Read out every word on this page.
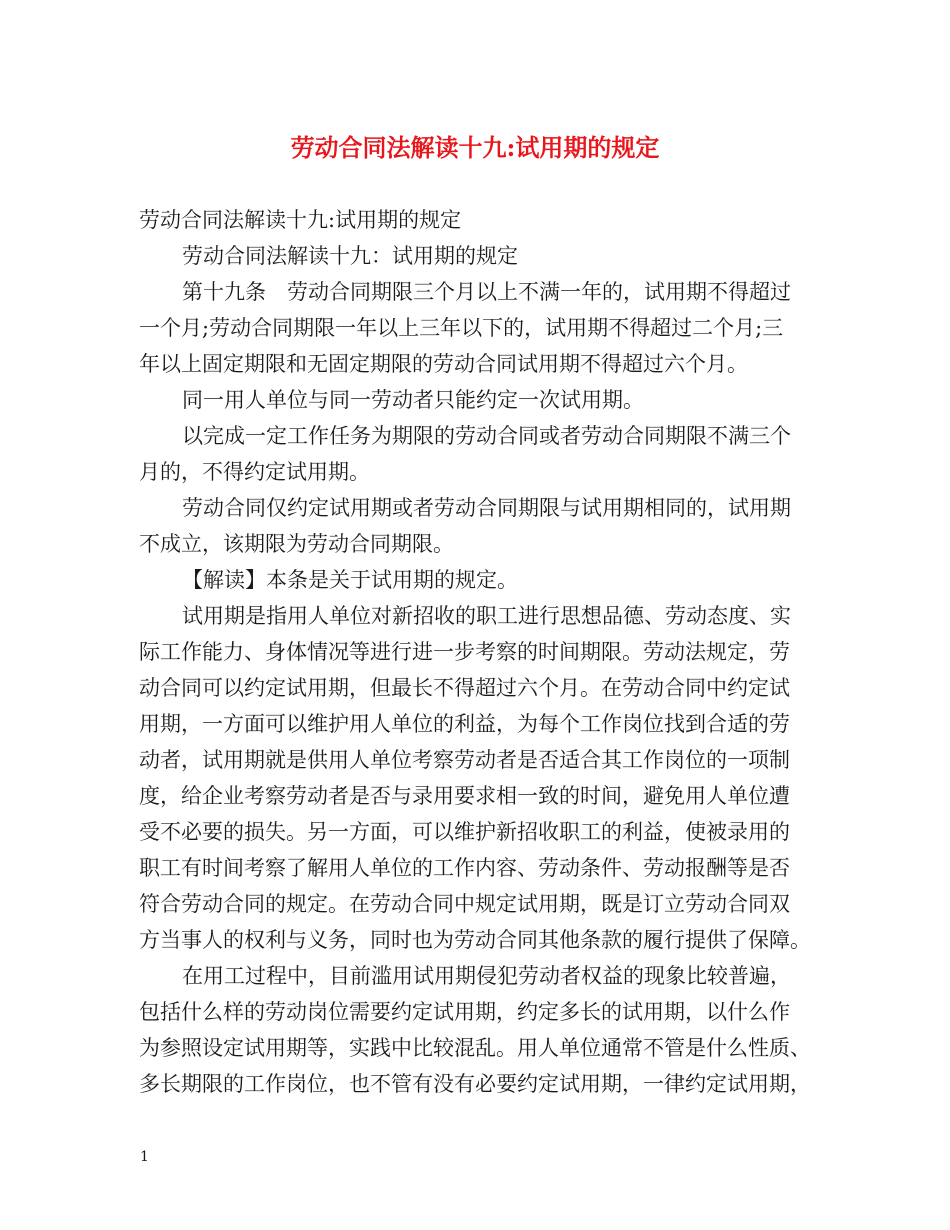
劳动合同法解读十九:试用期的规定

劳动合同法解读十九:试用期的规定

劳动合同法解读十九：试用期的规定

第十九条　劳动合同期限三个月以上不满一年的，试用期不得超过

一个月;劳动合同期限一年以上三年以下的，试用期不得超过二个月;三

年以上固定期限和无固定期限的劳动合同试用期不得超过六个月。

同一用人单位与同一劳动者只能约定一次试用期。

以完成一定工作任务为期限的劳动合同或者劳动合同期限不满三个

月的，不得约定试用期。

劳动合同仅约定试用期或者劳动合同期限与试用期相同的，试用期

不成立，该期限为劳动合同期限。

【解读】本条是关于试用期的规定。

试用期是指用人单位对新招收的职工进行思想品德、劳动态度、实

际工作能力、身体情况等进行进一步考察的时间期限。劳动法规定，劳

动合同可以约定试用期，但最长不得超过六个月。在劳动合同中约定试

用期，一方面可以维护用人单位的利益，为每个工作岗位找到合适的劳

动者，试用期就是供用人单位考察劳动者是否适合其工作岗位的一项制

度，给企业考察劳动者是否与录用要求相一致的时间，避免用人单位遭

受不必要的损失。另一方面，可以维护新招收职工的利益，使被录用的

职工有时间考察了解用人单位的工作内容、劳动条件、劳动报酬等是否

符合劳动合同的规定。在劳动合同中规定试用期，既是订立劳动合同双

方当事人的权利与义务，同时也为劳动合同其他条款的履行提供了保障。

在用工过程中，目前滥用试用期侵犯劳动者权益的现象比较普遍，

包括什么样的劳动岗位需要约定试用期，约定多长的试用期，以什么作

为参照设定试用期等，实践中比较混乱。用人单位通常不管是什么性质、

多长期限的工作岗位，也不管有没有必要约定试用期，一律约定试用期，

1
